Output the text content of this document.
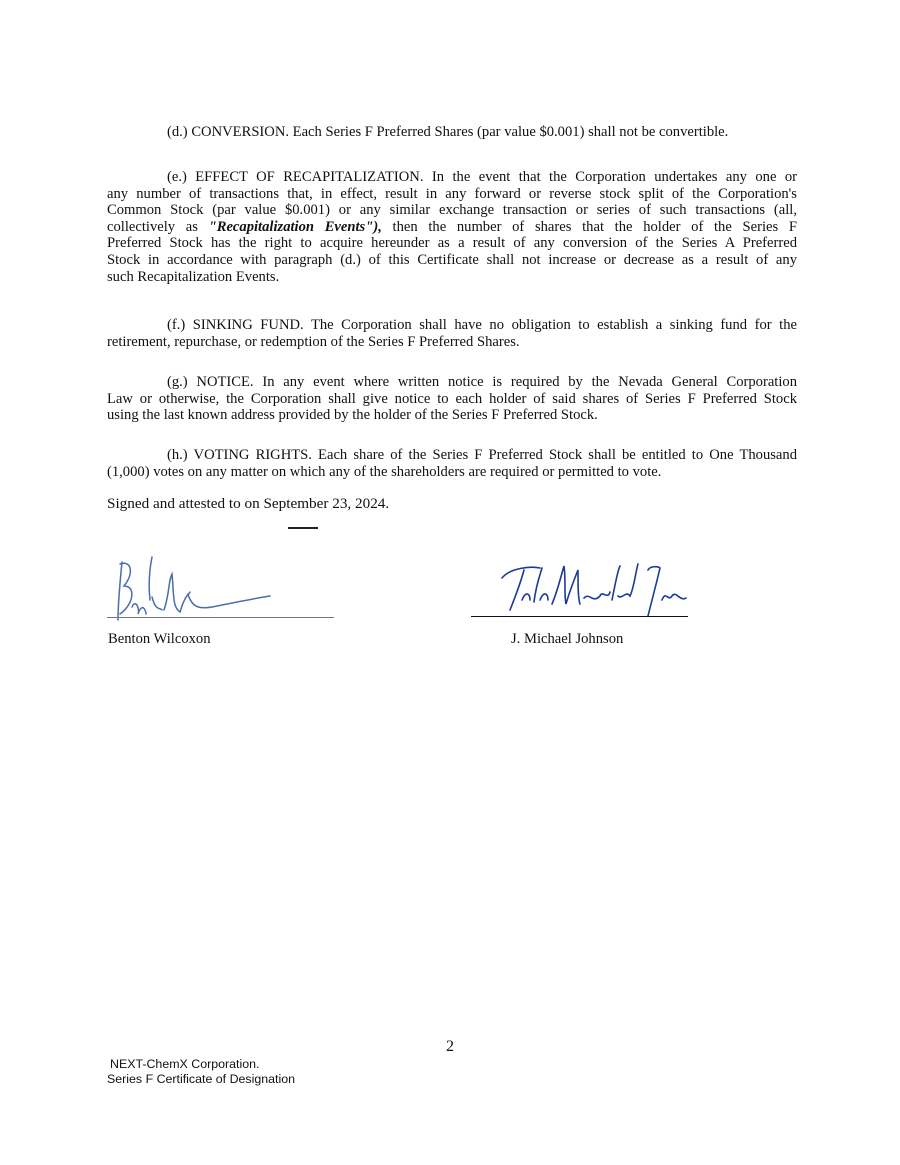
(d.) CONVERSION. Each Series F Preferred Shares (par value $0.001) shall not be convertible.
(e.) EFFECT OF RECAPITALIZATION. In the event that the Corporation undertakes any one or
any number of transactions that, in effect, result in any forward or reverse stock split of the Corporation's
Common Stock (par value $0.001) or any similar exchange transaction or series of such transactions (all,
collectively as "Recapitalization Events"), then the number of shares that the holder of the Series F
Preferred Stock has the right to acquire hereunder as a result of any conversion of the Series A Preferred
Stock in accordance with paragraph (d.) of this Certificate shall not increase or decrease as a result of any
such Recapitalization Events.
(f.) SINKING FUND. The Corporation shall have no obligation to establish a sinking fund for the
retirement, repurchase, or redemption of the Series F Preferred Shares.
(g.) NOTICE. In any event where written notice is required by the Nevada General Corporation
Law or otherwise, the Corporation shall give notice to each holder of said shares of Series F Preferred Stock
using the last known address provided by the holder of the Series F Preferred Stock.
(h.) VOTING RIGHTS. Each share of the Series F Preferred Stock shall be entitled to One Thousand
(1,000) votes on any matter on which any of the shareholders are required or permitted to vote.
Signed and attested to on September 23, 2024.
Benton Wilcoxon	J. Michael Johnson
2
NEXT-ChemX Corporation.
Series F Certificate of Designation
